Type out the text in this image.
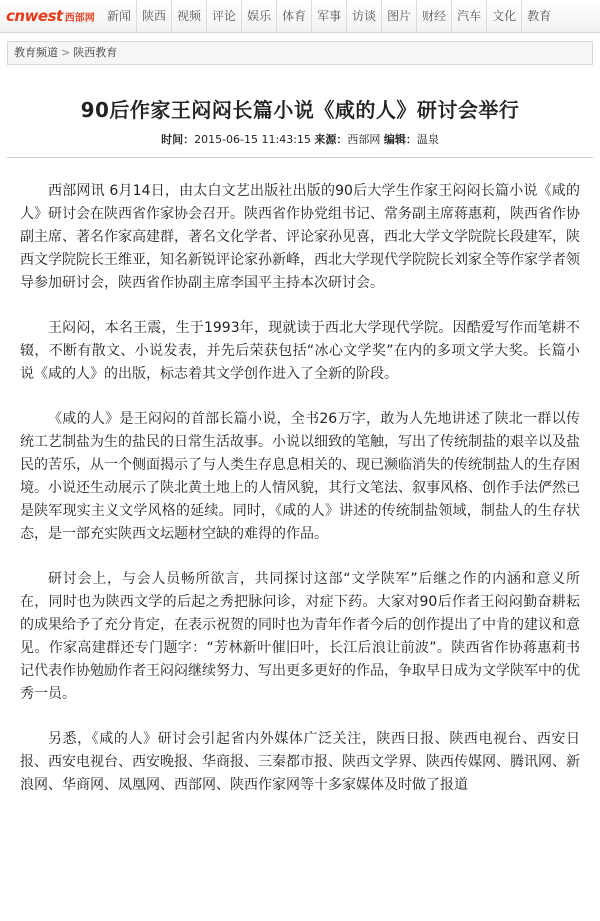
cnwest 西部网	新闻 陕西 视频 评论 娱乐 体育 军事 访谈 图片 财经 汽车 文化 教育
教育频道 > 陕西教育
90后作家王闷闷长篇小说《咸的人》研讨会举行
时间：2015-06-15 11:43:15 来源：西部网 编辑：温泉

西部网讯 6月14日，由太白文艺出版社出版的90后大学生作家王闷闷长篇小说《咸的人》研讨会在陕西省作家协会召开。陕西省作协党组书记、常务副主席蒋惠莉，陕西省作协副主席、著名作家高建群，著名文化学者、评论家孙见喜，西北大学文学院院长段建军，陕西文学院院长王维亚，知名新锐评论家孙新峰，西北大学现代学院院长刘家全等作家学者领导参加研讨会，陕西省作协副主席李国平主持本次研讨会。

王闷闷，本名王震，生于1993年，现就读于西北大学现代学院。因酷爱写作而笔耕不辍，不断有散文、小说发表，并先后荣获包括“冰心文学奖”在内的多项文学大奖。长篇小说《咸的人》的出版，标志着其文学创作进入了全新的阶段。

《咸的人》是王闷闷的首部长篇小说，全书26万字，敢为人先地讲述了陕北一群以传统工艺制盐为生的盐民的日常生活故事。小说以细致的笔触，写出了传统制盐的艰辛以及盐民的苦乐，从一个侧面揭示了与人类生存息息相关的、现已濒临消失的传统制盐人的生存困境。小说还生动展示了陕北黄土地上的人情风貌，其行文笔法、叙事风格、创作手法俨然已是陕军现实主义文学风格的延续。同时，《咸的人》讲述的传统制盐领域，制盐人的生存状态，是一部充实陕西文坛题材空缺的难得的作品。

研讨会上，与会人员畅所欲言，共同探讨这部“文学陕军”后继之作的内涵和意义所在，同时也为陕西文学的后起之秀把脉问诊，对症下药。大家对90后作者王闷闷勤奋耕耘的成果给予了充分肯定，在表示祝贺的同时也为青年作者今后的创作提出了中肯的建议和意见。作家高建群还专门题字：“芳林新叶催旧叶，长江后浪让前波”。陕西省作协蒋惠莉书记代表作协勉励作者王闷闷继续努力、写出更多更好的作品，争取早日成为文学陕军中的优秀一员。

另悉，《咸的人》研讨会引起省内外媒体广泛关注，陕西日报、陕西电视台、西安日报、西安电视台、西安晚报、华商报、三秦都市报、陕西文学界、陕西传媒网、腾讯网、新浪网、华商网、凤凰网、西部网、陕西作家网等十多家媒体及时做了报道
